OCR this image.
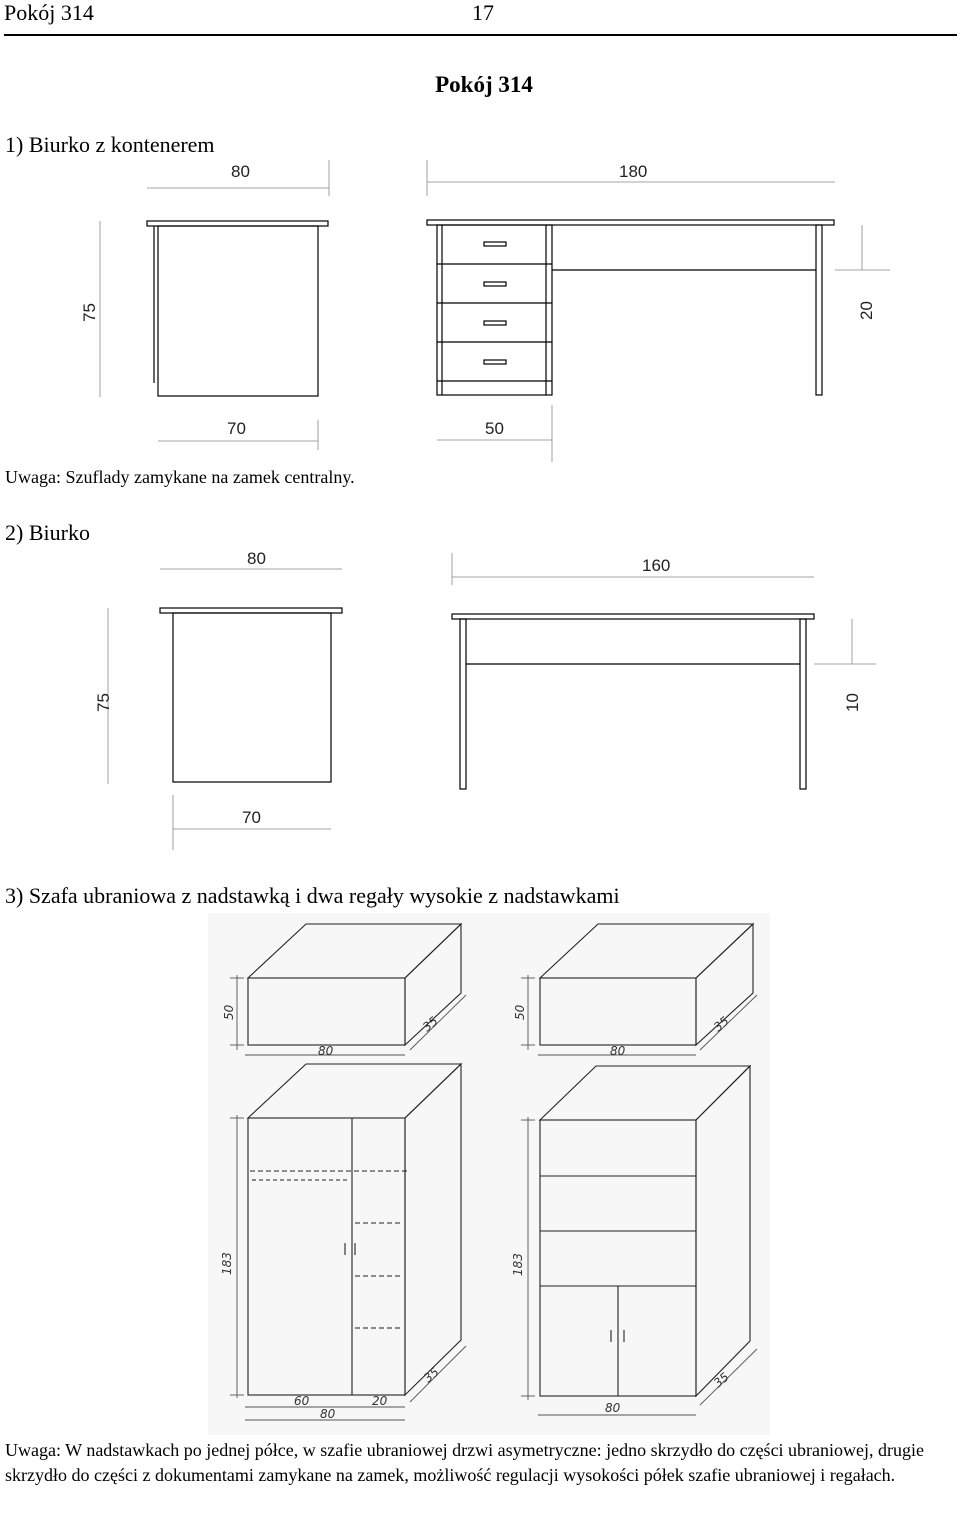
Pokój 314	17
Pokój 314
1) Biurko z kontenerem
80	180
75	20
70	50
Uwaga: Szuflady zamykane na zamek centralny.
2) Biurko
80	160
75	10
70
3) Szafa ubraniowa z nadstawką i dwa regały wysokie z nadstawkami
50
35
80
183
35
60	20
80
50
35
80
183
35
80
Uwaga: W nadstawkach po jednej półce, w szafie ubraniowej drzwi asymetryczne: jedno skrzydło do części ubraniowej, drugie skrzydło do części z dokumentami zamykane na zamek, możliwość regulacji wysokości półek szafie ubraniowej i regałach.
